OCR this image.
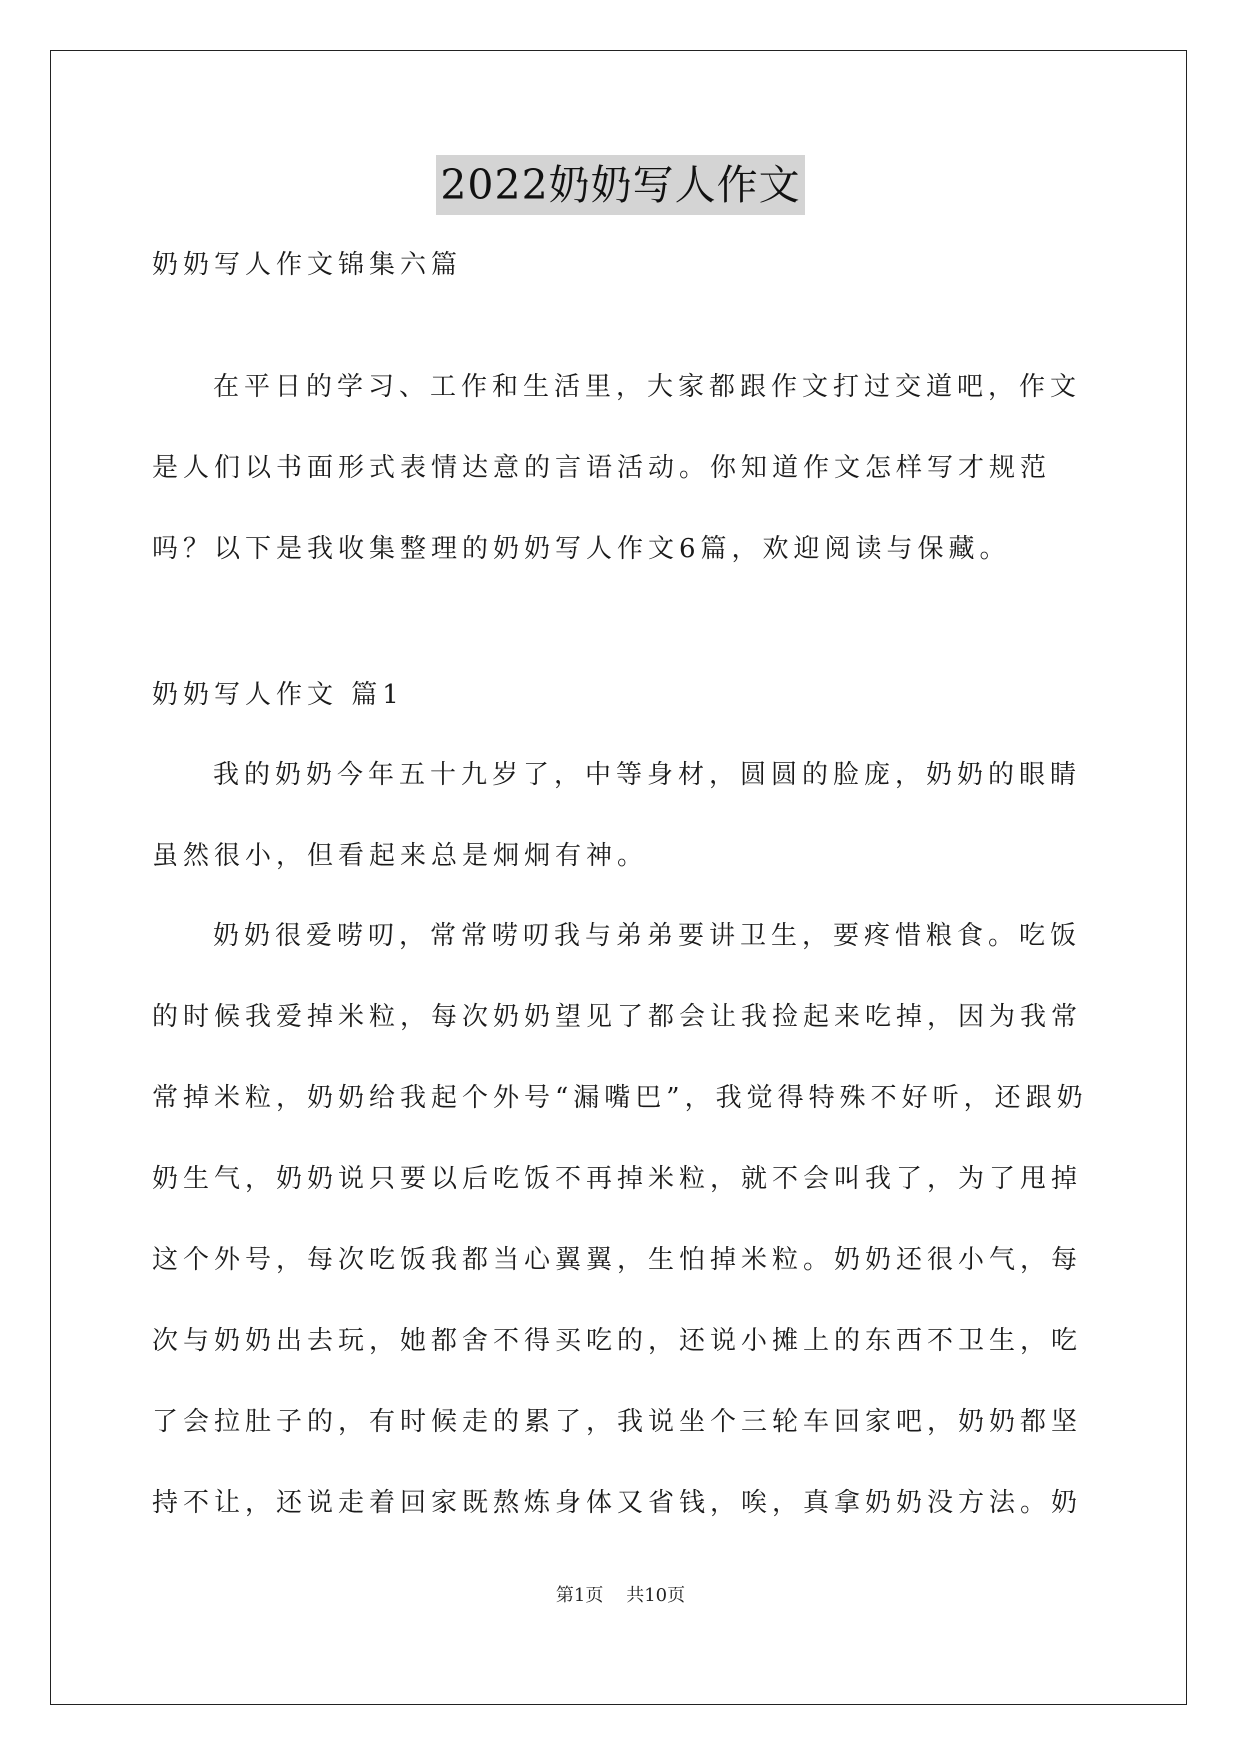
2022奶奶写人作文
奶奶写人作文锦集六篇
在平日的学习、工作和生活里，大家都跟作文打过交道吧，作文是人们以书面形式表情达意的言语活动。你知道作文怎样写才规范吗？以下是我收集整理的奶奶写人作文6篇，欢迎阅读与保藏。
奶奶写人作文 篇1
我的奶奶今年五十九岁了，中等身材，圆圆的脸庞，奶奶的眼睛虽然很小，但看起来总是炯炯有神。
奶奶很爱唠叨，常常唠叨我与弟弟要讲卫生，要疼惜粮食。吃饭的时候我爱掉米粒，每次奶奶望见了都会让我捡起来吃掉，因为我常常掉米粒，奶奶给我起个外号“漏嘴巴”，我觉得特殊不好听，还跟奶奶生气，奶奶说只要以后吃饭不再掉米粒，就不会叫我了，为了甩掉这个外号，每次吃饭我都当心翼翼，生怕掉米粒。奶奶还很小气，每次与奶奶出去玩，她都舍不得买吃的，还说小摊上的东西不卫生，吃了会拉肚子的，有时候走的累了，我说坐个三轮车回家吧，奶奶都坚持不让，还说走着回家既熬炼身体又省钱，唉，真拿奶奶没方法。奶
第1页 共10页
